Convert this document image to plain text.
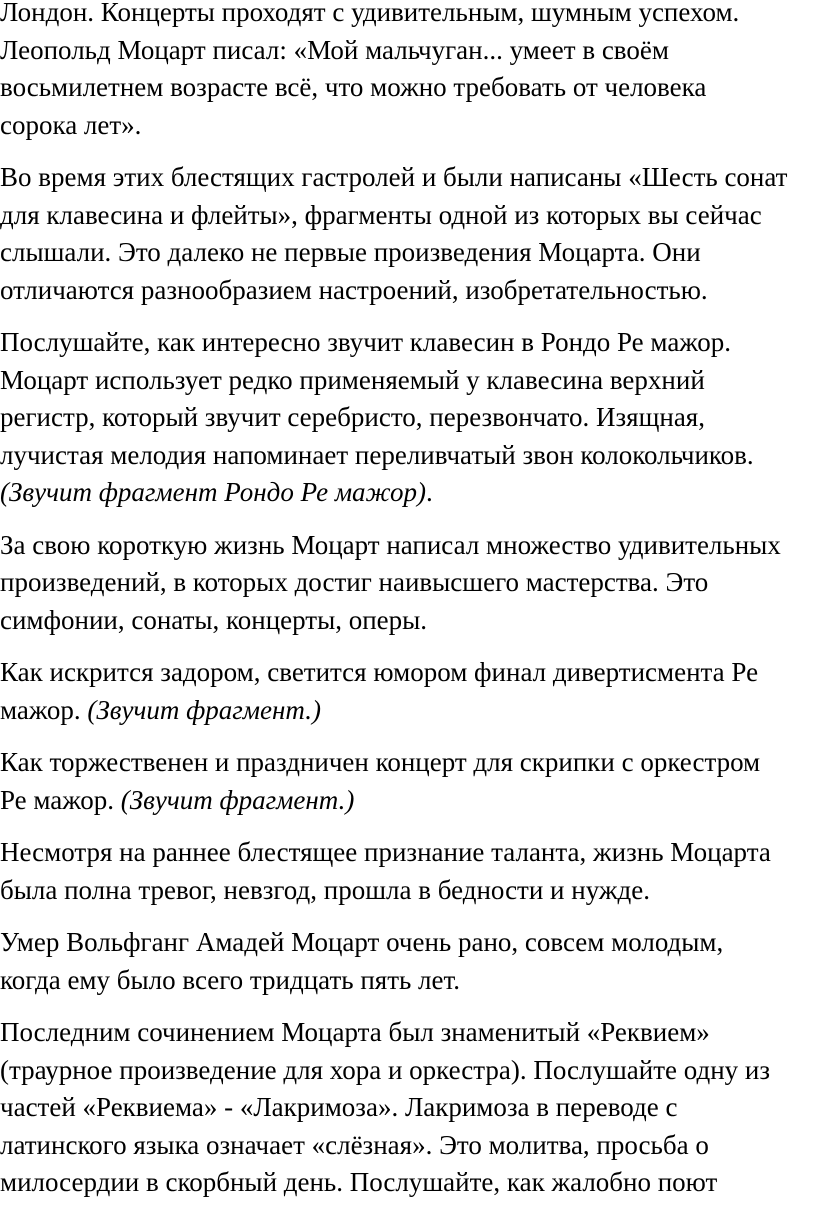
Лондон. Концерты проходят с удивительным, шумным успехом.
Леопольд Моцарт писал: «Мой мальчуган... умеет в своём
восьмилетнем возрасте всё, что можно требовать от человека
сорока лет».

Во время этих блестящих гастролей и были написаны «Шесть сонат
для клавесина и флейты», фрагменты одной из которых вы сейчас
слышали. Это далеко не первые произведения Моцарта. Они
отличаются разнообразием настроений, изобретательностью.

Послушайте, как интересно звучит клавесин в Рондо Ре мажор.
Моцарт использует редко применяемый у клавесина верхний
регистр, который звучит серебристо, перезвончато. Изящная,
лучистая мелодия напоминает переливчатый звон колокольчиков.
(Звучит фрагмент Рондо Ре мажор).

За свою короткую жизнь Моцарт написал множество удивительных
произведений, в которых достиг наивысшего мастерства. Это
симфонии, сонаты, концерты, оперы.

Как искрится задором, светится юмором финал дивертисмента Ре
мажор. (Звучит фрагмент.)

Как торжественен и праздничен концерт для скрипки с оркестром
Ре мажор. (Звучит фрагмент.)

Несмотря на раннее блестящее признание таланта, жизнь Моцарта
была полна тревог, невзгод, прошла в бедности и нужде.

Умер Вольфганг Амадей Моцарт очень рано, совсем молодым,
когда ему было всего тридцать пять лет.

Последним сочинением Моцарта был знаменитый «Реквием»
(траурное произведение для хора и оркестра). Послушайте одну из
частей «Реквиема» - «Лакримоза». Лакримоза в переводе с
латинского языка означает «слёзная». Это молитва, просьба о
милосердии в скорбный день. Послушайте, как жалобно поют
